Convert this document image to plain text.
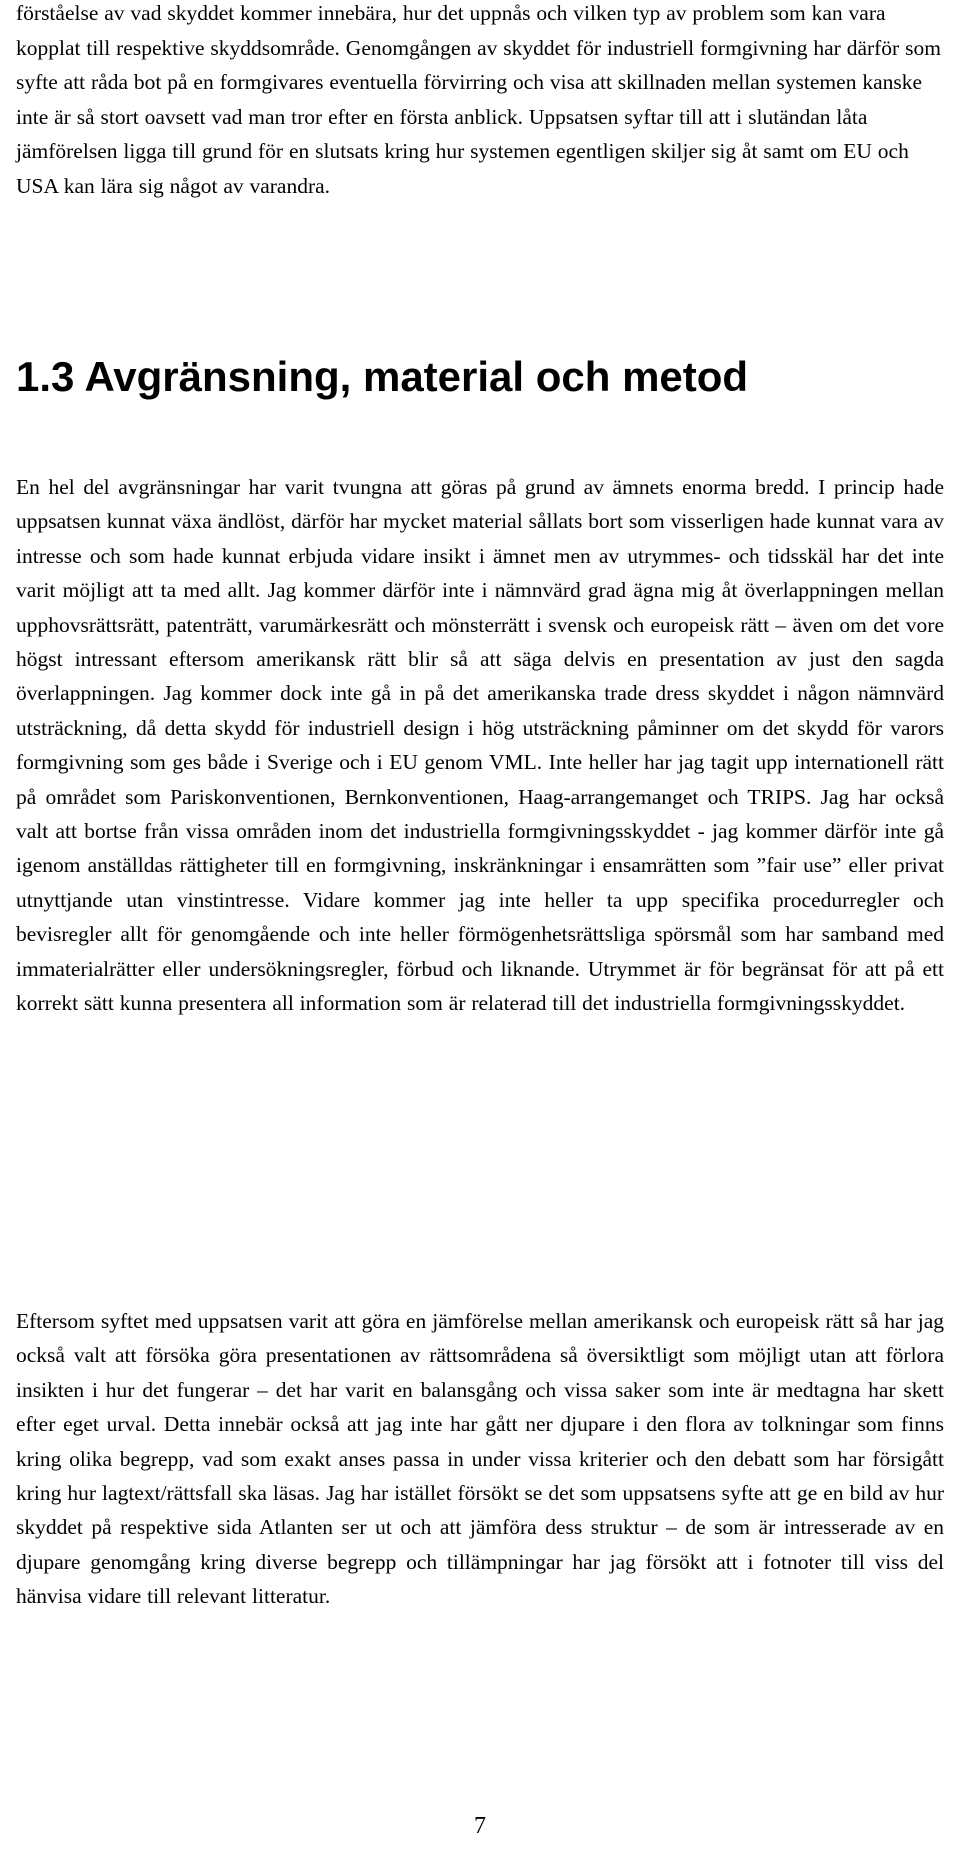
förståelse av vad skyddet kommer innebära, hur det uppnås och vilken typ av problem som kan vara kopplat till respektive skyddsområde. Genomgången av skyddet för industriell formgivning har därför som syfte att råda bot på en formgivares eventuella förvirring och visa att skillnaden mellan systemen kanske inte är så stort oavsett vad man tror efter en första anblick. Uppsatsen syftar till att i slutändan låta jämförelsen ligga till grund för en slutsats kring hur systemen egentligen skiljer sig åt samt om EU och USA kan lära sig något av varandra.

1.3 Avgränsning, material och metod

En hel del avgränsningar har varit tvungna att göras på grund av ämnets enorma bredd. I princip hade uppsatsen kunnat växa ändlöst, därför har mycket material sållats bort som visserligen hade kunnat vara av intresse och som hade kunnat erbjuda vidare insikt i ämnet men av utrymmes- och tidsskäl har det inte varit möjligt att ta med allt. Jag kommer därför inte i nämnvärd grad ägna mig åt överlappningen mellan upphovsrättsrätt, patenträtt, varumärkesrätt och mönsterrätt i svensk och europeisk rätt – även om det vore högst intressant eftersom amerikansk rätt blir så att säga delvis en presentation av just den sagda överlappningen. Jag kommer dock inte gå in på det amerikanska trade dress skyddet i någon nämnvärd utsträckning, då detta skydd för industriell design i hög utsträckning påminner om det skydd för varors formgivning som ges både i Sverige och i EU genom VML. Inte heller har jag tagit upp internationell rätt på området som Pariskonventionen, Bernkonventionen, Haag-arrangemanget och TRIPS. Jag har också valt att bortse från vissa områden inom det industriella formgivningsskyddet - jag kommer därför inte gå igenom anställdas rättigheter till en formgivning, inskränkningar i ensamrätten som ”fair use” eller privat utnyttjande utan vinstintresse. Vidare kommer jag inte heller ta upp specifika procedurregler och bevisregler allt för genomgående och inte heller förmögenhetsrättsliga spörsmål som har samband med immaterialrätter eller undersökningsregler, förbud och liknande. Utrymmet är för begränsat för att på ett korrekt sätt kunna presentera all information som är relaterad till det industriella formgivningsskyddet.

Eftersom syftet med uppsatsen varit att göra en jämförelse mellan amerikansk och europeisk rätt så har jag också valt att försöka göra presentationen av rättsområdena så översiktligt som möjligt utan att förlora insikten i hur det fungerar – det har varit en balansgång och vissa saker som inte är medtagna har skett efter eget urval. Detta innebär också att jag inte har gått ner djupare i den flora av tolkningar som finns kring olika begrepp, vad som exakt anses passa in under vissa kriterier och den debatt som har försigått kring hur lagtext/rättsfall ska läsas. Jag har istället försökt se det som uppsatsens syfte att ge en bild av hur skyddet på respektive sida Atlanten ser ut och att jämföra dess struktur – de som är intresserade av en djupare genomgång kring diverse begrepp och tillämpningar har jag försökt att i fotnoter till viss del hänvisa vidare till relevant litteratur.

7
